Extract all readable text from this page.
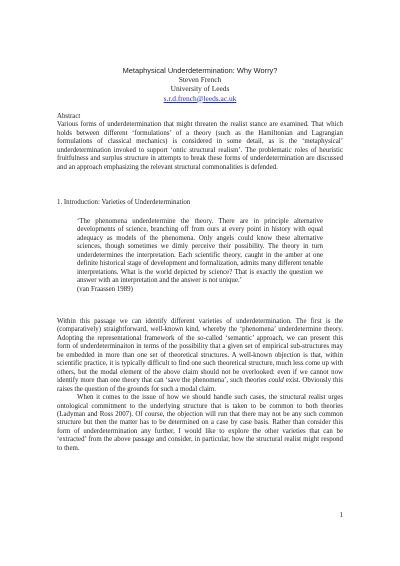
Metaphysical Underdetermination: Why Worry?
Steven French
University of Leeds
s.r.d.french@leeds.ac.uk

Abstract

Various forms of underdetermination that might threaten the realist stance are examined. That which holds between different ‘formulations’ of a theory (such as the Hamiltonian and Lagrangian formulations of classical mechanics) is considered in some detail, as is the ‘metaphysical’ underdetermination invoked to support ‘ontic structural realism’. The problematic roles of heuristic fruitfulness and surplus structure in attempts to break these forms of underdetermination are discussed and an approach emphasizing the relevant structural commonalities is defended.

1. Introduction: Varieties of Underdetermination

‘The phenomena underdetermine the theory. There are in principle alternative developments of science, branching off from ours at every point in history with equal adequacy as models of the phenomena. Only angels could know these alternative sciences, though sometimes we dimly perceive their possibility. The theory in turn underdetermines the interpretation. Each scientific theory, caught in the amber at one definite historical stage of development and formalization, admits many different tenable interpretations. What is the world depicted by science? That is exactly the question we answer with an interpretation and the answer is not unique.’

(van Fraassen 1989)

Within this passage we can identify different varieties of underdetermination. The first is the (comparatively) straightforward, well-known kind, whereby the ‘phenomena’ underdetermine theory. Adopting the representational framework of the so-called ‘semantic’ approach, we can present this form of underdeterminaiton in terms of the possibility that a given set of empirical sub-structures may be embedded in more than one set of theoretical structures. A well-known objection is that, within scientific practice, it is typically difficult to find one such theoretical structure, much less come up with others, but the modal element of the above claim should not be overlooked: even if we cannot now identify more than one theory that can ‘save the phenomena’, such theories could exist. Obviously this raises the question of the grounds for such a modal claim.

When it comes to the issue of how we should handle such cases, the structural realist urges ontological commitment to the underlying structure that is taken to be common to both theories (Ladyman and Ross 2007). Of course, the objection will run that there may not be any such common structure but then the matter has to be determined on a case by case basis. Rather than consider this form of underdetermination any further, I would like to explore the other varieties that can be ‘extracted’ from the above passage and consider, in particular, how the structural realist might respond to them.

1
